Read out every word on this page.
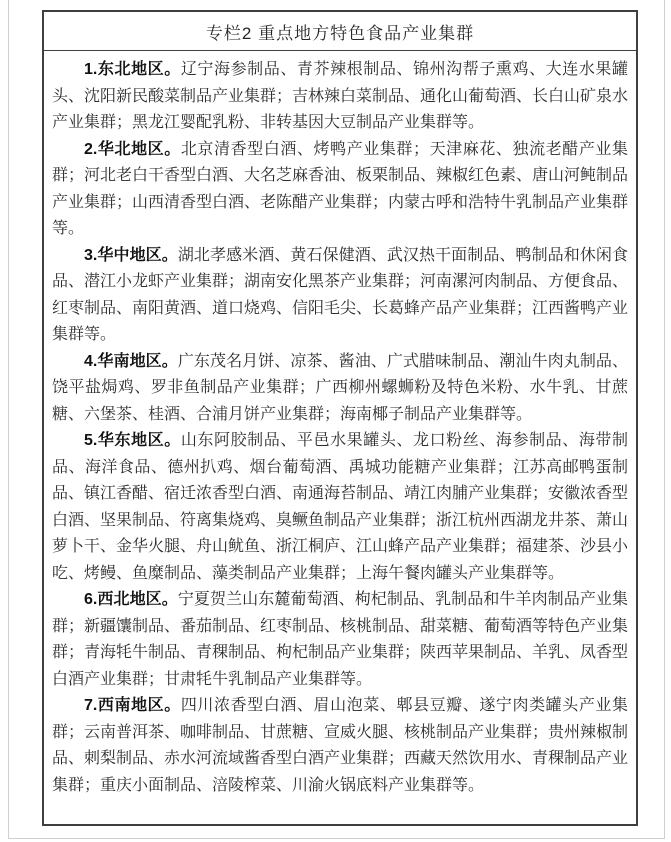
专栏2 重点地方特色食品产业集群

1.东北地区。辽宁海参制品、青芥辣根制品、锦州沟帮子熏鸡、大连水果罐头、沈阳新民酸菜制品产业集群；吉林辣白菜制品、通化山葡萄酒、长白山矿泉水产业集群；黑龙江婴配乳粉、非转基因大豆制品产业集群等。

2.华北地区。北京清香型白酒、烤鸭产业集群；天津麻花、独流老醋产业集群；河北老白干香型白酒、大名芝麻香油、板栗制品、辣椒红色素、唐山河鲀制品产业集群；山西清香型白酒、老陈醋产业集群；内蒙古呼和浩特牛乳制品产业集群等。

3.华中地区。湖北孝感米酒、黄石保健酒、武汉热干面制品、鸭制品和休闲食品、潜江小龙虾产业集群；湖南安化黑茶产业集群；河南漯河肉制品、方便食品、红枣制品、南阳黄酒、道口烧鸡、信阳毛尖、长葛蜂产品产业集群；江西酱鸭产业集群等。

4.华南地区。广东茂名月饼、凉茶、酱油、广式腊味制品、潮汕牛肉丸制品、饶平盐焗鸡、罗非鱼制品产业集群；广西柳州螺蛳粉及特色米粉、水牛乳、甘蔗糖、六堡茶、桂酒、合浦月饼产业集群；海南椰子制品产业集群等。

5.华东地区。山东阿胶制品、平邑水果罐头、龙口粉丝、海参制品、海带制品、海洋食品、德州扒鸡、烟台葡萄酒、禹城功能糖产业集群；江苏高邮鸭蛋制品、镇江香醋、宿迁浓香型白酒、南通海苔制品、靖江肉脯产业集群；安徽浓香型白酒、坚果制品、符离集烧鸡、臭鳜鱼制品产业集群；浙江杭州西湖龙井茶、萧山萝卜干、金华火腿、舟山鱿鱼、浙江桐庐、江山蜂产品产业集群；福建茶、沙县小吃、烤鳗、鱼糜制品、藻类制品产业集群；上海午餐肉罐头产业集群等。

6.西北地区。宁夏贺兰山东麓葡萄酒、枸杞制品、乳制品和牛羊肉制品产业集群；新疆馕制品、番茄制品、红枣制品、核桃制品、甜菜糖、葡萄酒等特色产业集群；青海牦牛制品、青稞制品、枸杞制品产业集群；陕西苹果制品、羊乳、凤香型白酒产业集群；甘肃牦牛乳制品产业集群等。

7.西南地区。四川浓香型白酒、眉山泡菜、郫县豆瓣、遂宁肉类罐头产业集群；云南普洱茶、咖啡制品、甘蔗糖、宣威火腿、核桃制品产业集群；贵州辣椒制品、刺梨制品、赤水河流域酱香型白酒产业集群；西藏天然饮用水、青稞制品产业集群；重庆小面制品、涪陵榨菜、川渝火锅底料产业集群等。
